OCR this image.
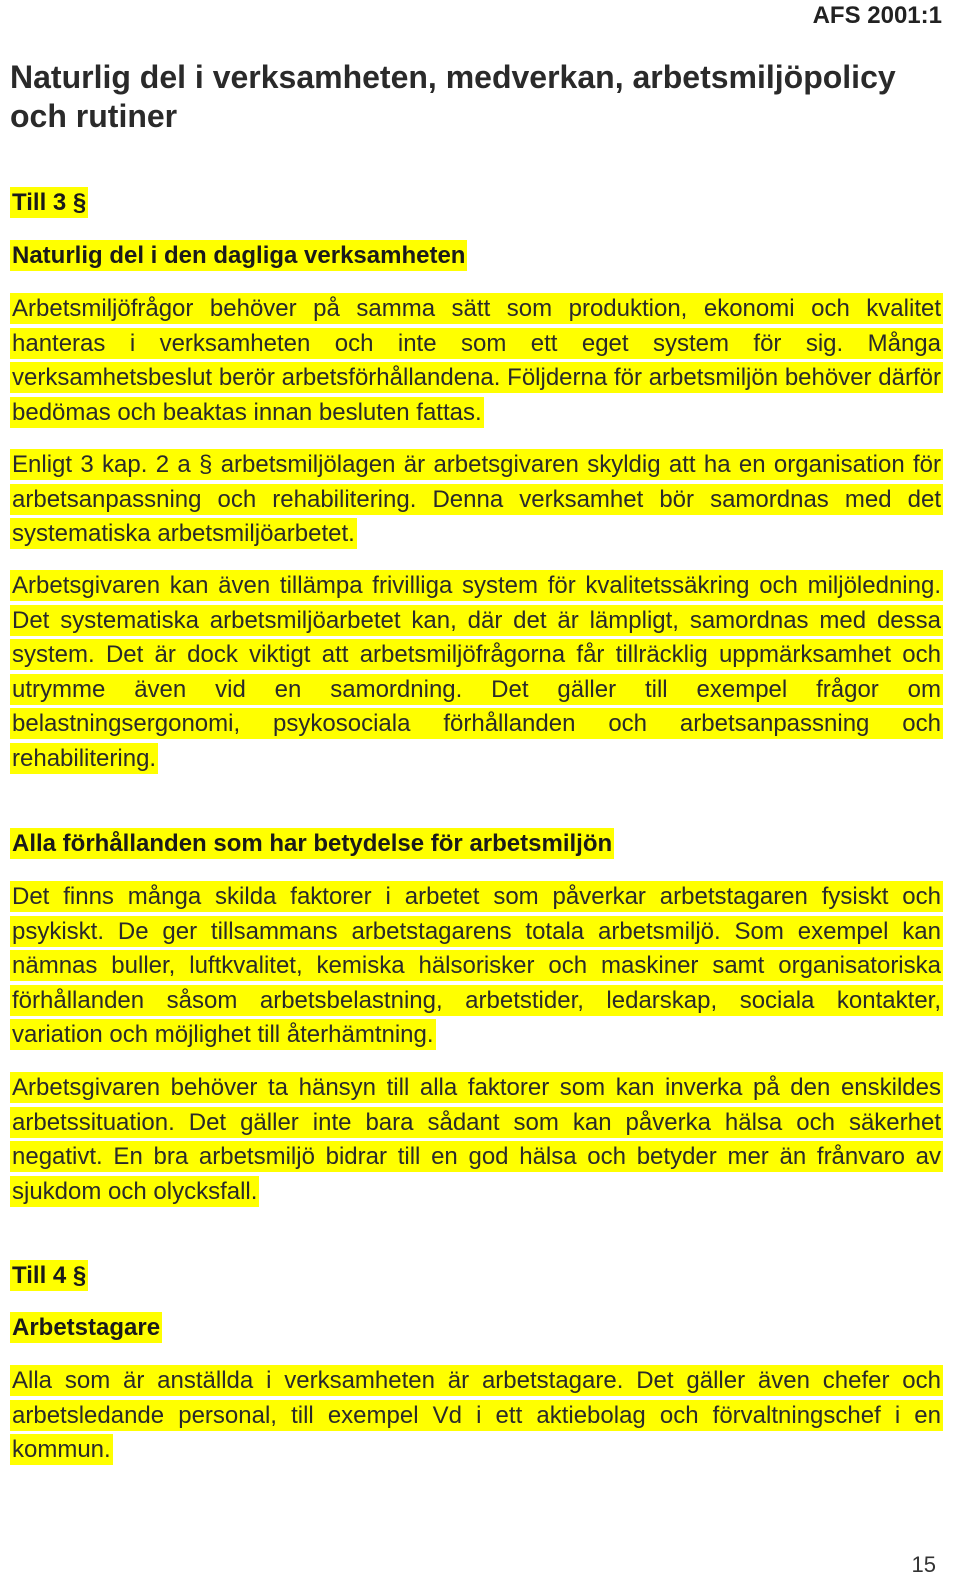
AFS 2001:1
Naturlig del i verksamheten, medverkan, arbetsmiljöpolicy och rutiner

Till 3 §

Naturlig del i den dagliga verksamheten

Arbetsmiljöfrågor behöver på samma sätt som produktion, ekonomi och kvalitet hanteras i verksamheten och inte som ett eget system för sig. Många verksamhetsbeslut berör arbetsförhållandena. Följderna för arbetsmiljön behöver därför bedömas och beaktas innan besluten fattas.

Enligt 3 kap. 2 a § arbetsmiljölagen är arbetsgivaren skyldig att ha en organisation för arbetsanpassning och rehabilitering. Denna verksamhet bör samordnas med det systematiska arbetsmiljöarbetet.

Arbetsgivaren kan även tillämpa frivilliga system för kvalitetssäkring och miljöledning. Det systematiska arbetsmiljöarbetet kan, där det är lämpligt, samordnas med dessa system. Det är dock viktigt att arbetsmiljöfrågorna får tillräcklig uppmärksamhet och utrymme även vid en samordning. Det gäller till exempel frågor om belastningsergonomi, psykosociala förhållanden och arbetsanpassning och rehabilitering.

Alla förhållanden som har betydelse för arbetsmiljön

Det finns många skilda faktorer i arbetet som påverkar arbetstagaren fysiskt och psykiskt. De ger tillsammans arbetstagarens totala arbetsmiljö. Som exempel kan nämnas buller, luftkvalitet, kemiska hälsorisker och maskiner samt organisatoriska förhållanden såsom arbetsbelastning, arbetstider, ledarskap, sociala kontakter, variation och möjlighet till återhämtning.

Arbetsgivaren behöver ta hänsyn till alla faktorer som kan inverka på den enskildes arbetssituation. Det gäller inte bara sådant som kan påverka hälsa och säkerhet negativt. En bra arbetsmiljö bidrar till en god hälsa och betyder mer än frånvaro av sjukdom och olycksfall.

Till 4 §

Arbetstagare

Alla som är anställda i verksamheten är arbetstagare. Det gäller även chefer och arbetsledande personal, till exempel Vd i ett aktiebolag och förvaltningschef i en kommun.

15
